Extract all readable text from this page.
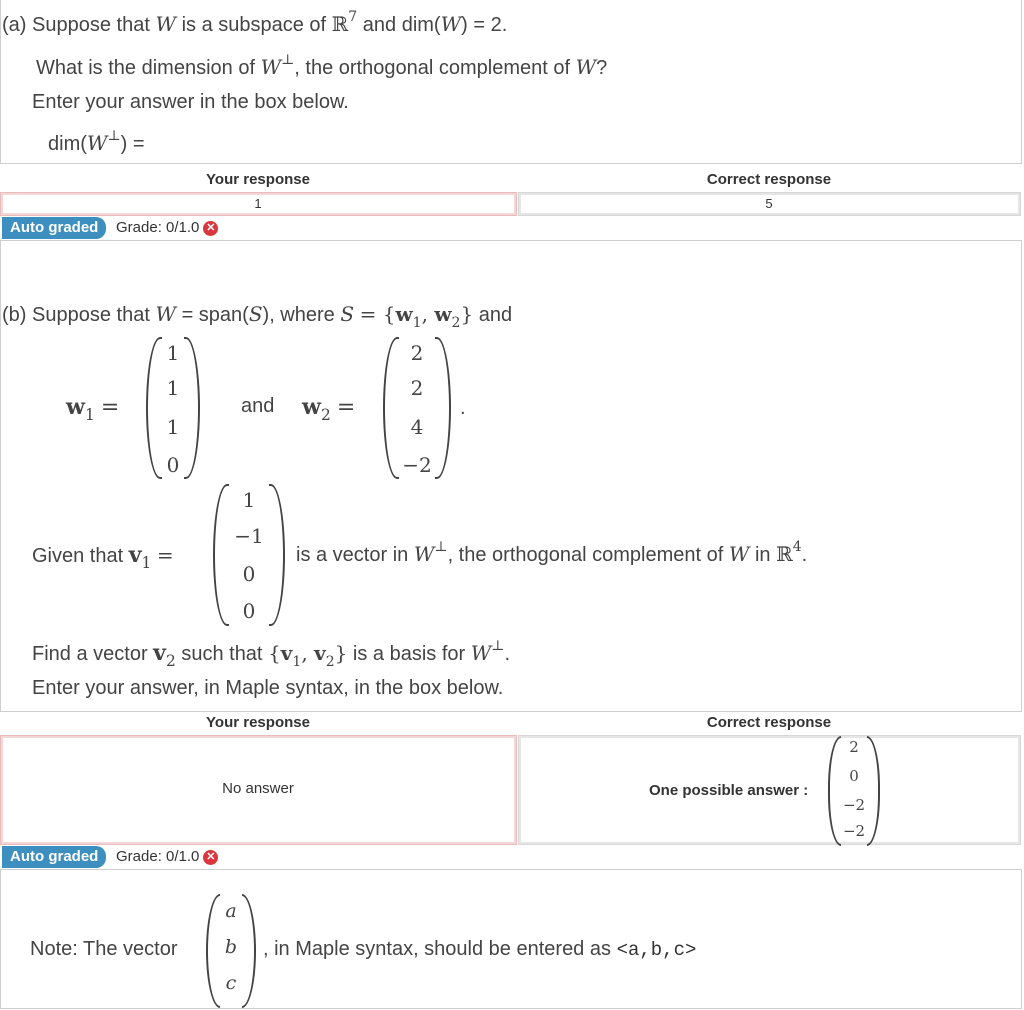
(a) Suppose that W is a subspace of ℝ$^7$ and dim(W) = 2.
What is the dimension of W⊥, the orthogonal complement of W?
Enter your answer in the box below.
dim(W⊥) =
Your response	Correct response
1	5
Auto graded	Grade: 0/1.0 ✕
(b) Suppose that W = span(S), where $S = \{w_1$, $w_2$} and
$w_1$ =
1
1
1
0
and $w_2$ =
2
2
4
−2
.
Given that $v_1$ =
1
−1
0
0
is a vector in W⊥, the orthogonal complement of W in ℝ$^4$.
Find a vector $v_2$ such that {$v_1$, $v_2$} is a basis for W⊥.
Enter your answer, in Maple syntax, in the box below.
Your response	Correct response
No answer	One possible answer :
2
0
−2
−2
Auto graded	Grade: 0/1.0 ✕
Note: The vector
a
b
c
, in Maple syntax, should be entered as <a,b,c>
